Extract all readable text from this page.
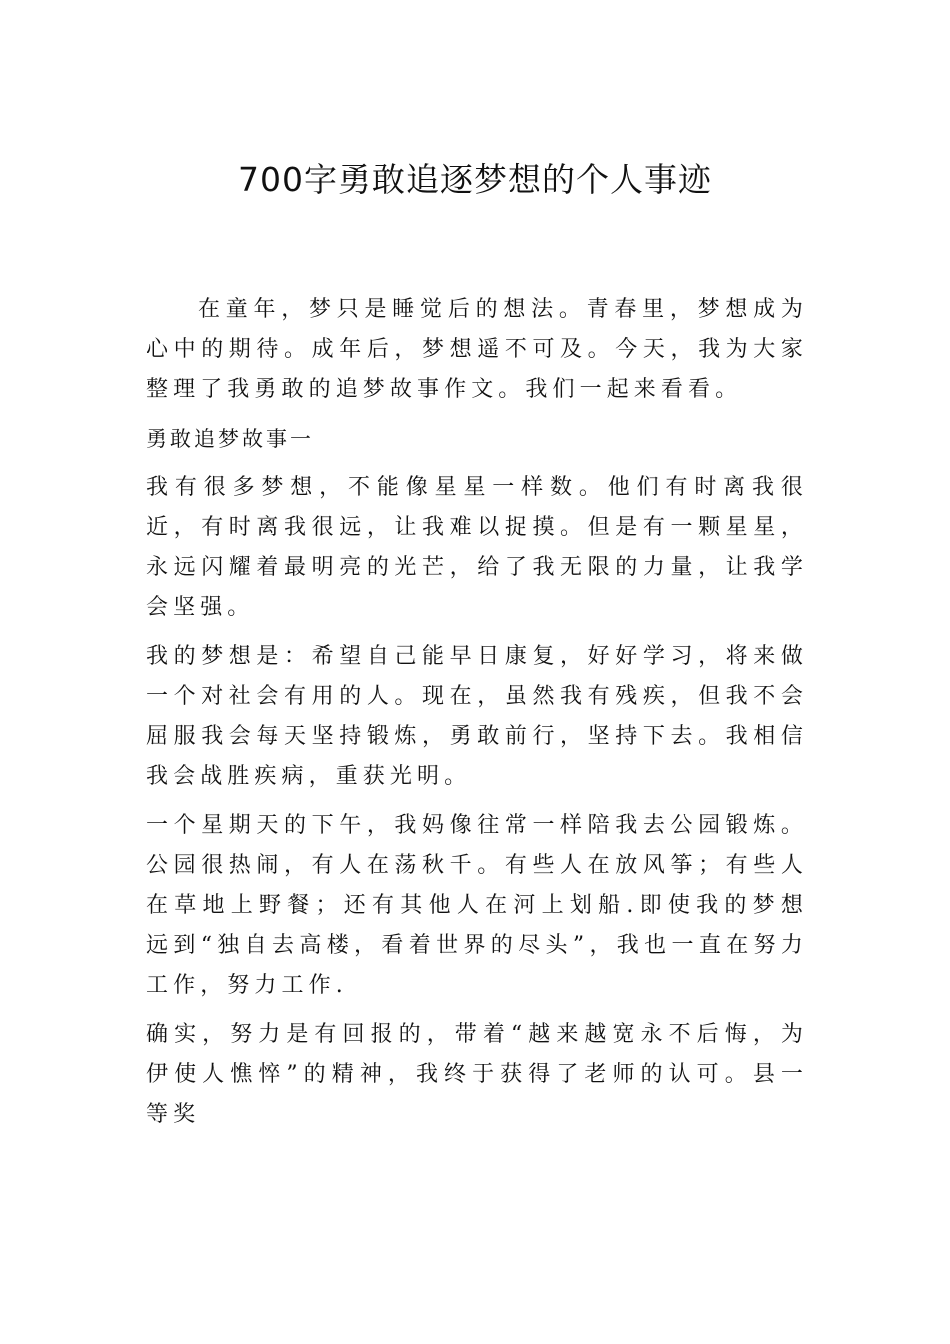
700字勇敢追逐梦想的个人事迹

在童年，梦只是睡觉后的想法。青春里，梦想成为心中的期待。成年后，梦想遥不可及。今天，我为大家整理了我勇敢的追梦故事作文。我们一起来看看。

勇敢追梦故事一

我有很多梦想，不能像星星一样数。他们有时离我很近，有时离我很远，让我难以捉摸。但是有一颗星星，永远闪耀着最明亮的光芒，给了我无限的力量，让我学会坚强。

我的梦想是：希望自己能早日康复，好好学习，将来做一个对社会有用的人。现在，虽然我有残疾，但我不会屈服我会每天坚持锻炼，勇敢前行，坚持下去。我相信我会战胜疾病，重获光明。

一个星期天的下午，我妈像往常一样陪我去公园锻炼。公园很热闹，有人在荡秋千。有些人在放风筝；有些人在草地上野餐；还有其他人在河上划船.即使我的梦想远到“独自去高楼，看着世界的尽头”，我也一直在努力工作，努力工作.

确实，努力是有回报的，带着“越来越宽永不后悔，为伊使人憔悴”的精神，我终于获得了老师的认可。县一等奖
